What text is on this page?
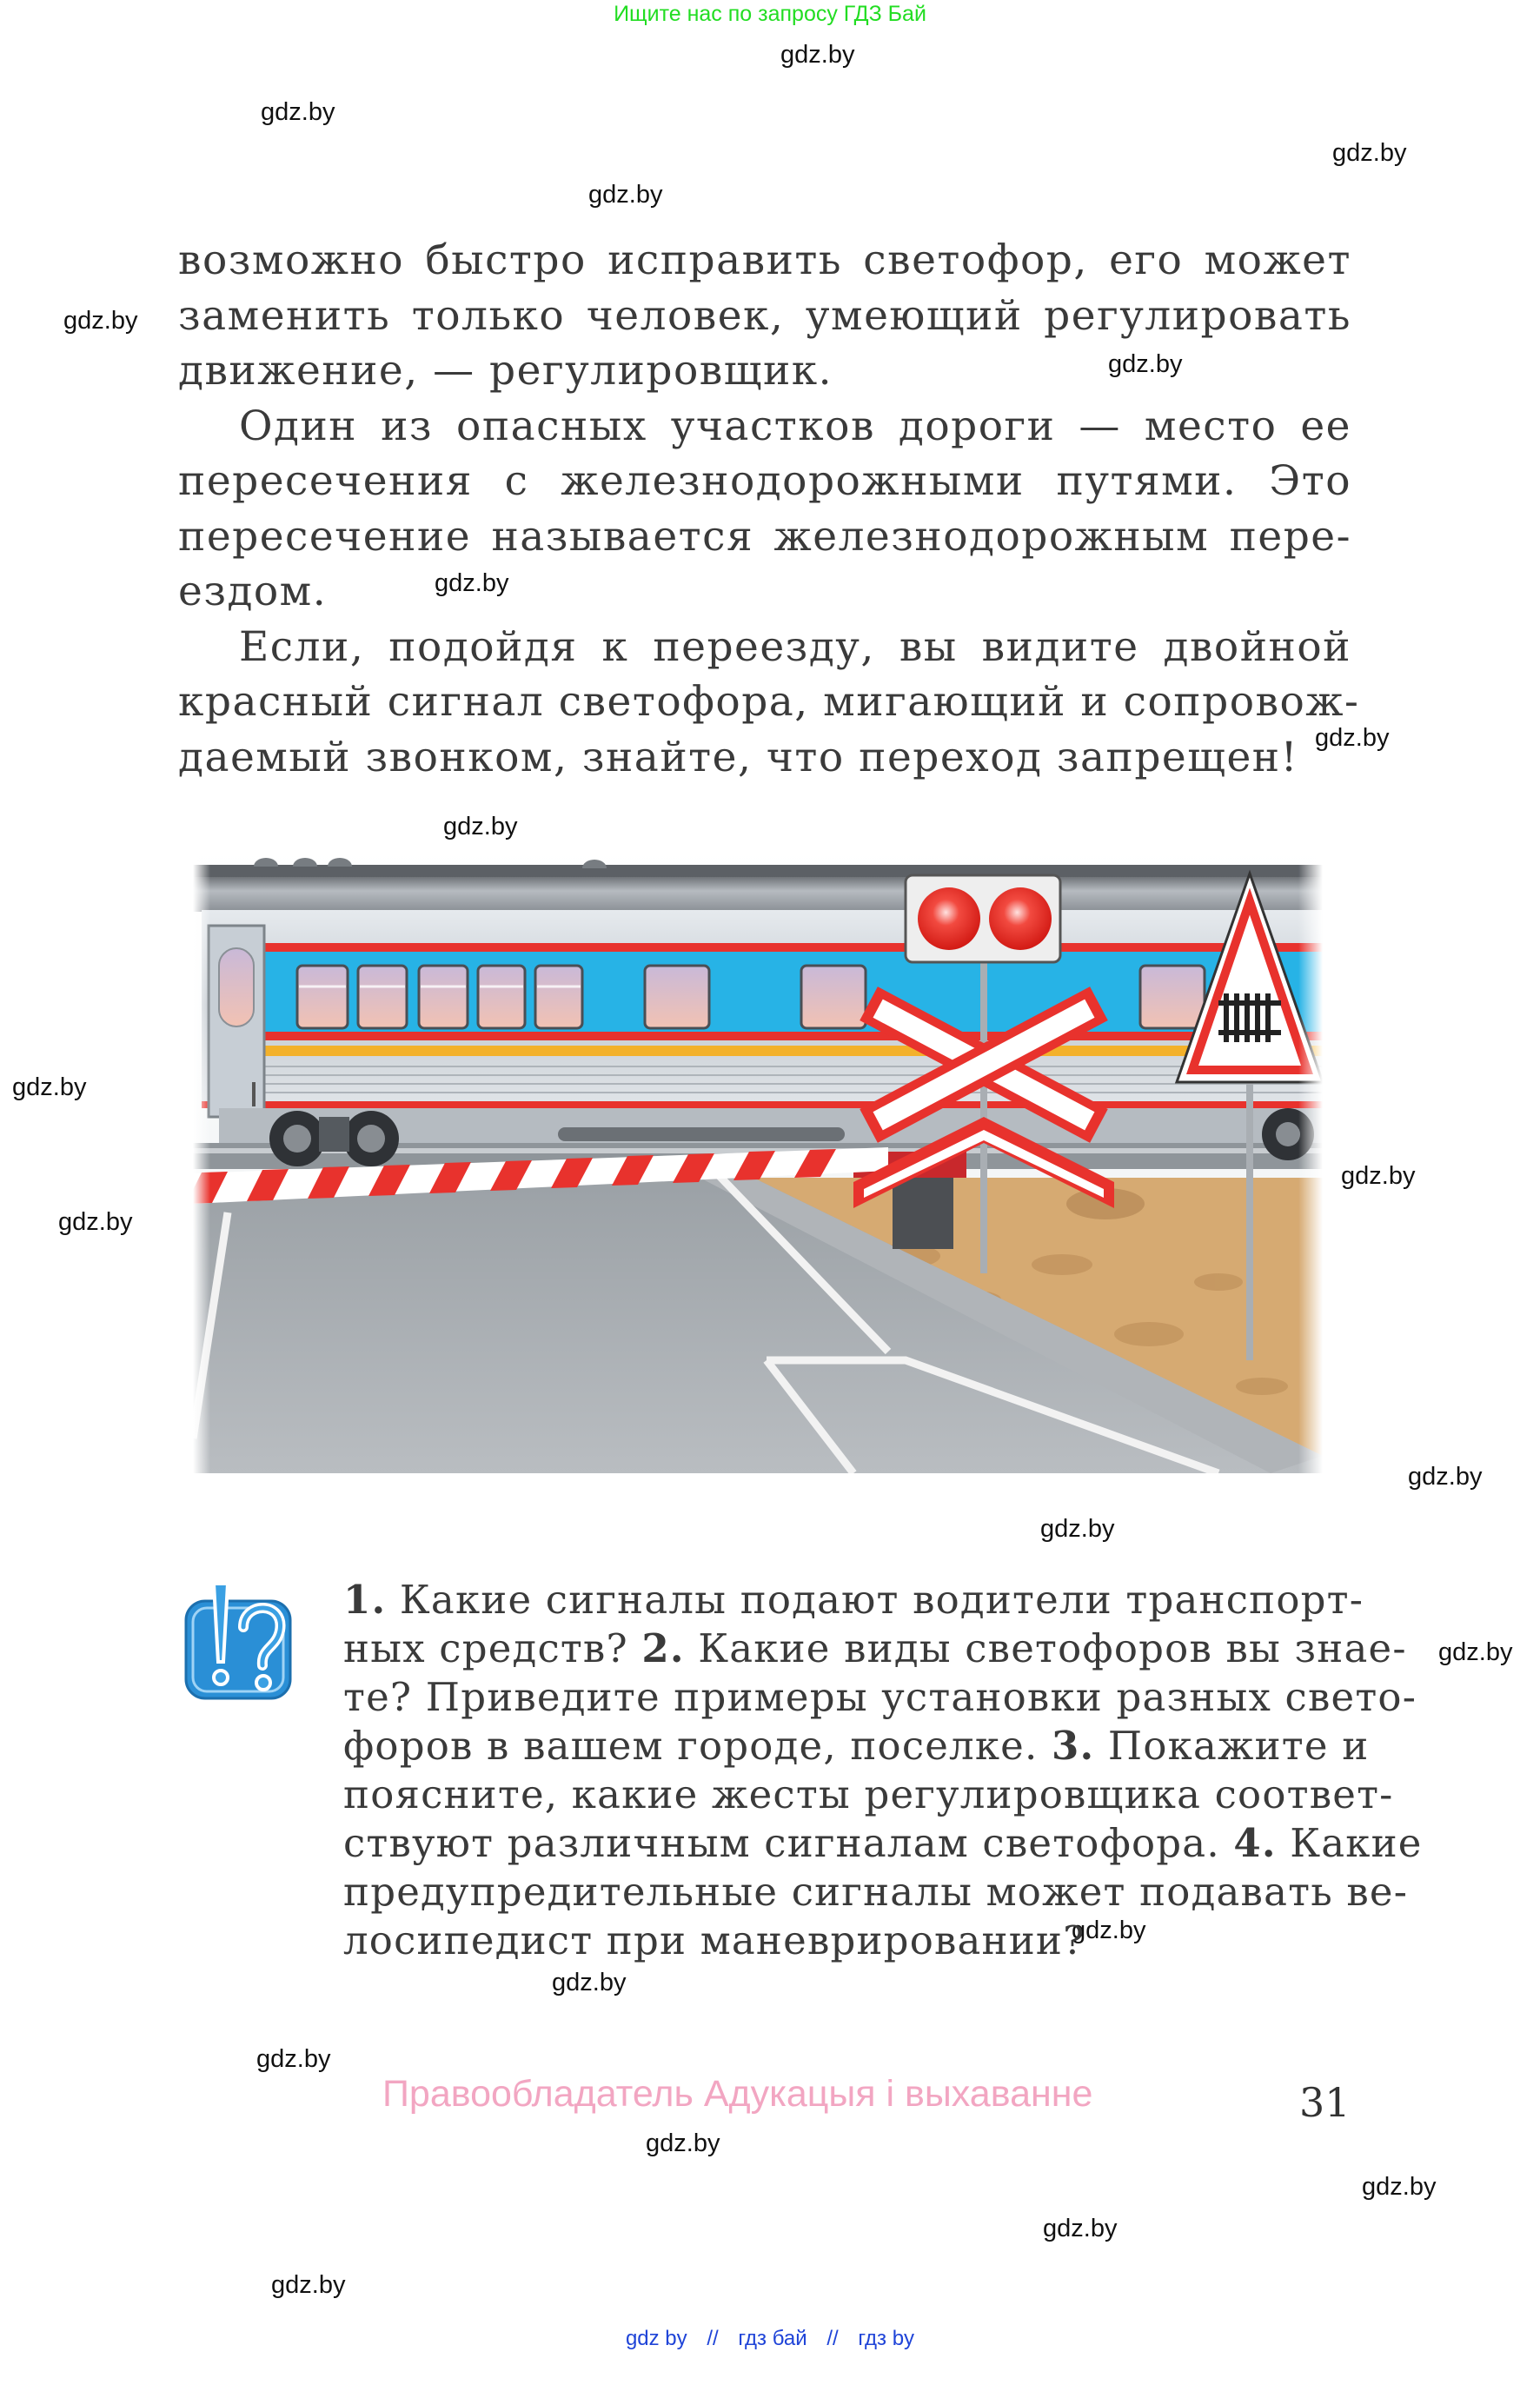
Ищите нас по запросу ГДЗ Бай
gdz.by
gdz.by
gdz.by
gdz.by
gdz.by
gdz.by
gdz.by
gdz.by
gdz.by
gdz.by
gdz.by
gdz.by
gdz.by
gdz.by
gdz.by
gdz.by
gdz.by
gdz.by
gdz.by
gdz.by
gdz.by
gdz.by

возможно быстро исправить светофор, его может
заменить только человек, умеющий регулировать
движение, — регулировщик.

Один из опасных участков дороги — место ее
пересечения с железнодорожными путями. Это
пересечение называется железнодорожным пере-
ездом.

Если, подойдя к переезду, вы видите двойной
красный сигнал светофора, мигающий и сопровож-
даемый звонком, знайте, что переход запрещен!

1. Какие сигналы подают водители транспорт-
ных средств? 2. Какие виды светофоров вы знае-
те? Приведите примеры установки разных свето-
форов в вашем городе, поселке. 3. Покажите и
поясните, какие жесты регулировщика соответ-
ствуют различным сигналам светофора. 4. Какие
предупредительные сигналы может подавать ве-
лосипедист при маневрировании?
Правообладатель Адукацыя і выхаванне	31
gdz by // гдз бай // гдз by
